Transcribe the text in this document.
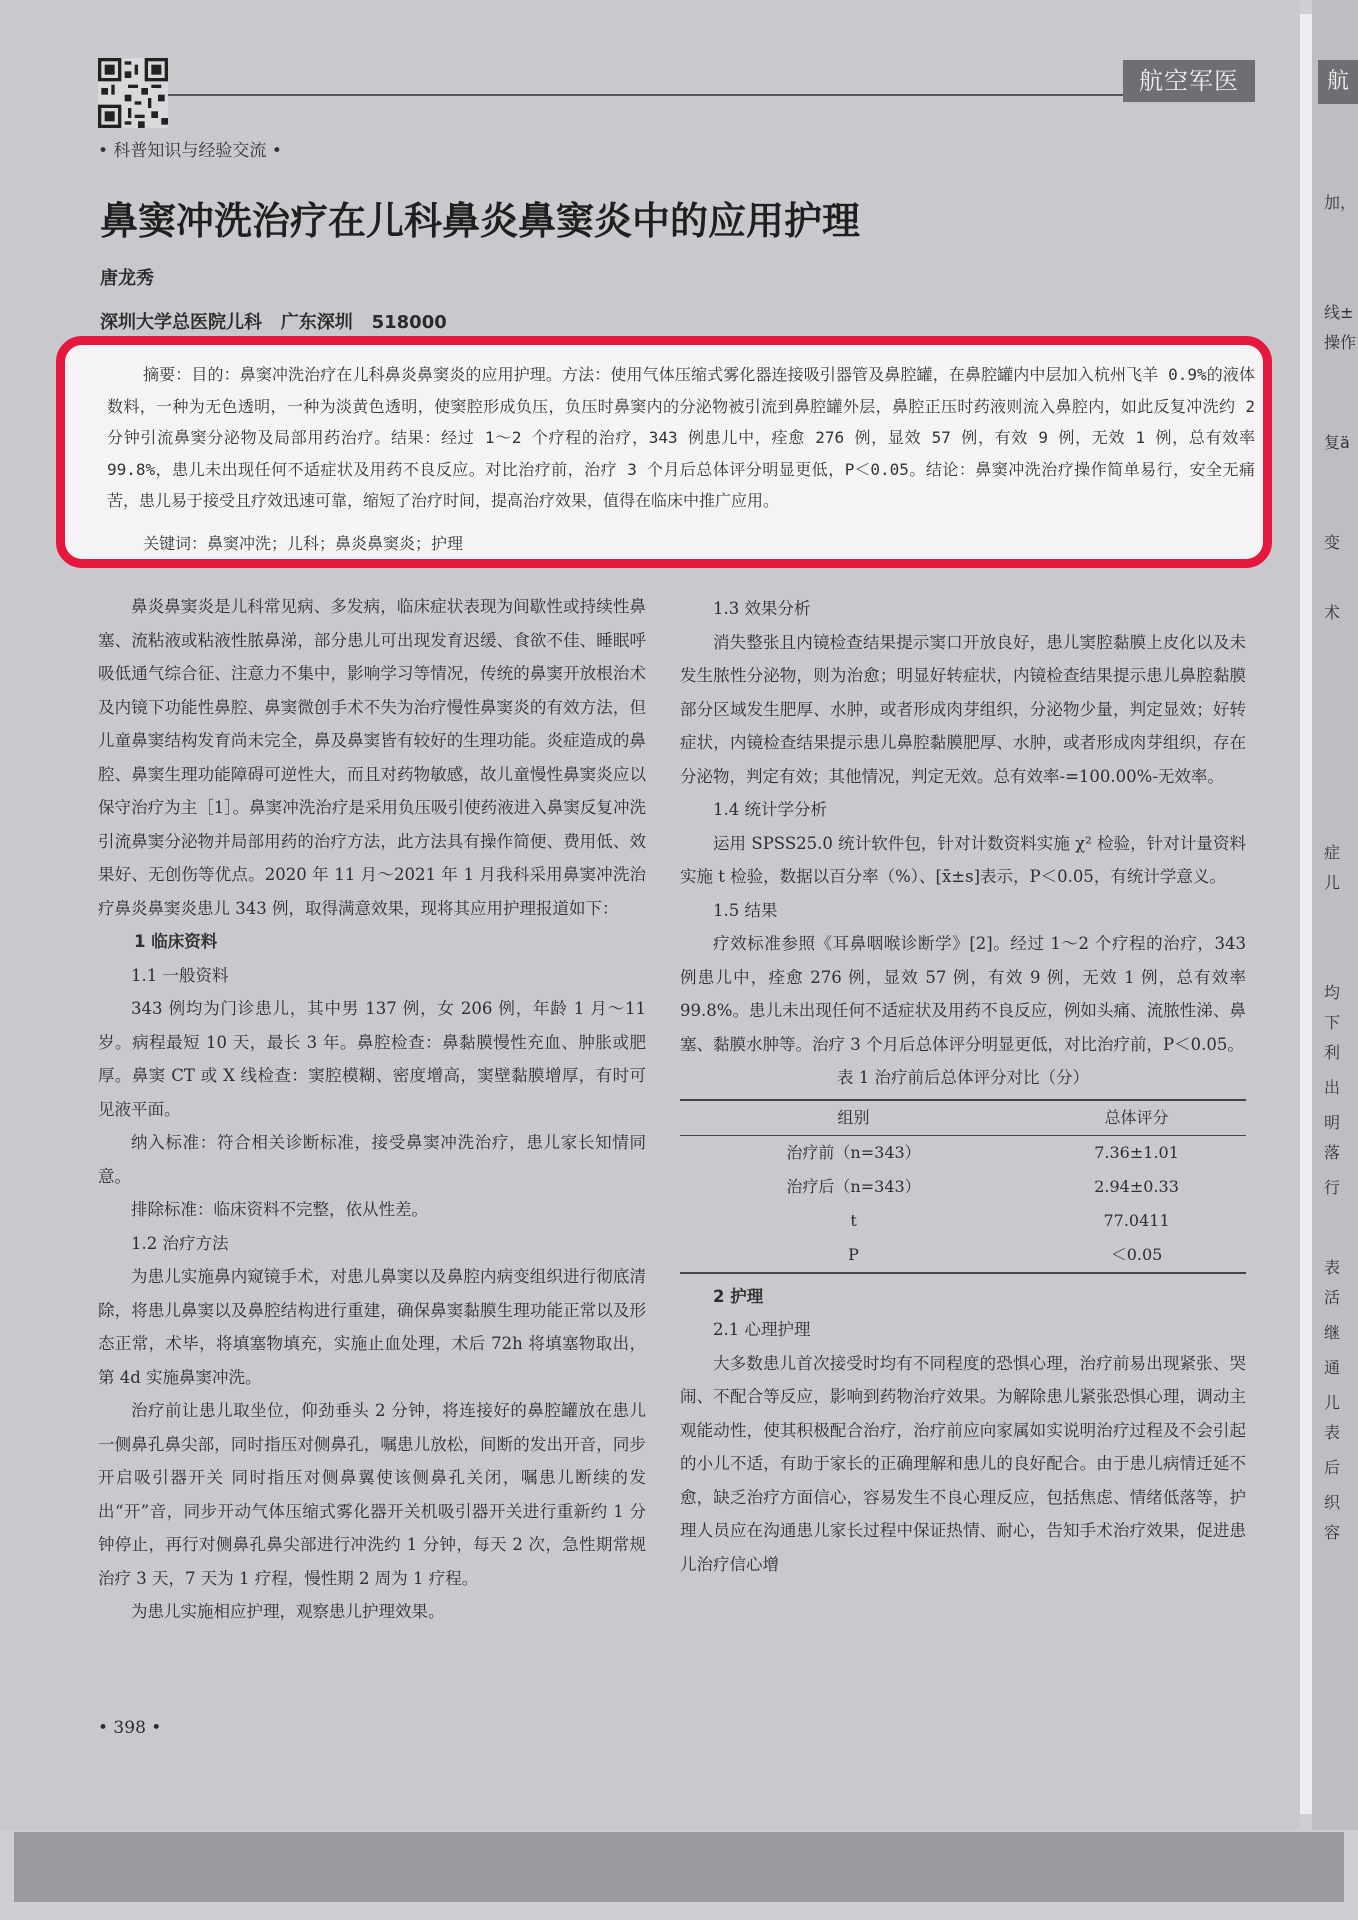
航空军医
• 科普知识与经验交流 •
鼻窦冲洗治疗在儿科鼻炎鼻窦炎中的应用护理
唐龙秀
深圳大学总医院儿科   广东深圳   518000
摘要：目的：鼻窦冲洗治疗在儿科鼻炎鼻窦炎的应用护理。方法：使用气体压缩式雾化器连接吸引器管及鼻腔罐，在鼻腔罐内中层加入杭州飞羊 0.9%的液体数料，一种为无色透明，一种为淡黄色透明，使窦腔形成负压，负压时鼻窦内的分泌物被引流到鼻腔罐外层，鼻腔正压时药液则流入鼻腔内，如此反复冲洗约 2 分钟引流鼻窦分泌物及局部用药治疗。结果：经过 1～2 个疗程的治疗，343 例患儿中，痊愈 276 例，显效 57 例，有效 9 例，无效 1 例，总有效率 99.8%，患儿未出现任何不适症状及用药不良反应。对比治疗前，治疗 3 个月后总体评分明显更低，P＜0.05。结论：鼻窦冲洗治疗操作简单易行，安全无痛苦，患儿易于接受且疗效迅速可靠，缩短了治疗时间，提高治疗效果，值得在临床中推广应用。
关键词：鼻窦冲洗；儿科；鼻炎鼻窦炎；护理

鼻炎鼻窦炎是儿科常见病、多发病，临床症状表现为间歇性或持续性鼻塞、流粘液或粘液性脓鼻涕，部分患儿可出现发育迟缓、食欲不佳、睡眠呼吸低通气综合征、注意力不集中，影响学习等情况，传统的鼻窦开放根治术及内镜下功能性鼻腔、鼻窦微创手术不失为治疗慢性鼻窦炎的有效方法，但儿童鼻窦结构发育尚未完全，鼻及鼻窦皆有较好的生理功能。炎症造成的鼻腔、鼻窦生理功能障碍可逆性大，而且对药物敏感，故儿童慢性鼻窦炎应以保守治疗为主［1］。鼻窦冲洗治疗是采用负压吸引使药液进入鼻窦反复冲洗引流鼻窦分泌物并局部用药的治疗方法，此方法具有操作简便、费用低、效果好、无创伤等优点。2020 年 11 月～2021 年 1 月我科采用鼻窦冲洗治疗鼻炎鼻窦炎患儿 343 例，取得满意效果，现将其应用护理报道如下：

1 临床资料

1.1 一般资料

343 例均为门诊患儿，其中男 137 例，女 206 例，年龄 1 月～11 岁。病程最短 10 天，最长 3 年。鼻腔检查：鼻黏膜慢性充血、肿胀或肥厚。鼻窦 CT 或 X 线检查：窦腔模糊、密度增高，窦壁黏膜增厚，有时可见液平面。

纳入标准：符合相关诊断标准，接受鼻窦冲洗治疗，患儿家长知情同意。

排除标准：临床资料不完整，依从性差。

1.2 治疗方法

为患儿实施鼻内窥镜手术，对患儿鼻窦以及鼻腔内病变组织进行彻底清除，将患儿鼻窦以及鼻腔结构进行重建，确保鼻窦黏膜生理功能正常以及形态正常，术毕，将填塞物填充，实施止血处理，术后 72h 将填塞物取出，第 4d 实施鼻窦冲洗。

治疗前让患儿取坐位，仰劲垂头 2 分钟，将连接好的鼻腔罐放在患儿一侧鼻孔鼻尖部，同时指压对侧鼻孔，嘱患儿放松，间断的发出开音，同步开启吸引器开关 同时指压对侧鼻翼使该侧鼻孔关闭，嘱患儿断续的发出“开”音，同步开动气体压缩式雾化器开关机吸引器开关进行重新约 1 分钟停止，再行对侧鼻孔鼻尖部进行冲洗约 1 分钟，每天 2 次，急性期常规治疗 3 天，7 天为 1 疗程，慢性期 2 周为 1 疗程。

为患儿实施相应护理，观察患儿护理效果。

• 398 •

1.3 效果分析

消失整张且内镜检查结果提示窦口开放良好，患儿窦腔黏膜上皮化以及未发生脓性分泌物，则为治愈；明显好转症状，内镜检查结果提示患儿鼻腔黏膜部分区域发生肥厚、水肿，或者形成肉芽组织，分泌物少量，判定显效；好转症状，内镜检查结果提示患儿鼻腔黏膜肥厚、水肿，或者形成肉芽组织，存在分泌物，判定有效；其他情况，判定无效。总有效率-=100.00%-无效率。

1.4 统计学分析

运用 SPSS25.0 统计软件包，针对计数资料实施 χ² 检验，针对计量资料实施 t 检验，数据以百分率（%）、[x̄±s]表示，P＜0.05，有统计学意义。

1.5 结果

疗效标准参照《耳鼻咽喉诊断学》[2]。经过 1～2 个疗程的治疗，343 例患儿中，痊愈 276 例，显效 57 例，有效 9 例，无效 1 例，总有效率 99.8%。患儿未出现任何不适症状及用药不良反应，例如头痛、流脓性涕、鼻塞、黏膜水肿等。治疗 3 个月后总体评分明显更低，对比治疗前，P＜0.05。

表 1 治疗前后总体评分对比（分）

组别	总体评分
治疗前（n=343）	7.36±1.01
治疗后（n=343）	2.94±0.33
t	77.0411
P	＜0.05

2 护理

2.1 心理护理

大多数患儿首次接受时均有不同程度的恐惧心理，治疗前易出现紧张、哭闹、不配合等反应，影响到药物治疗效果。为解除患儿紧张恐惧心理，调动主观能动性，使其积极配合治疗，治疗前应向家属如实说明治疗过程及不会引起的小儿不适，有助于家长的正确理解和患儿的良好配合。由于患儿病情迁延不愈，缺乏治疗方面信心，容易发生不良心理反应，包括焦虑、情绪低落等，护理人员应在沟通患儿家长过程中保证热情、耐心，告知手术治疗效果，促进患儿治疗信心增

航
加，
线±
操作
复ä
变
术
症
儿
均
下
利
出
明
落
行
表
活
继
通
儿
表
后
织
容
